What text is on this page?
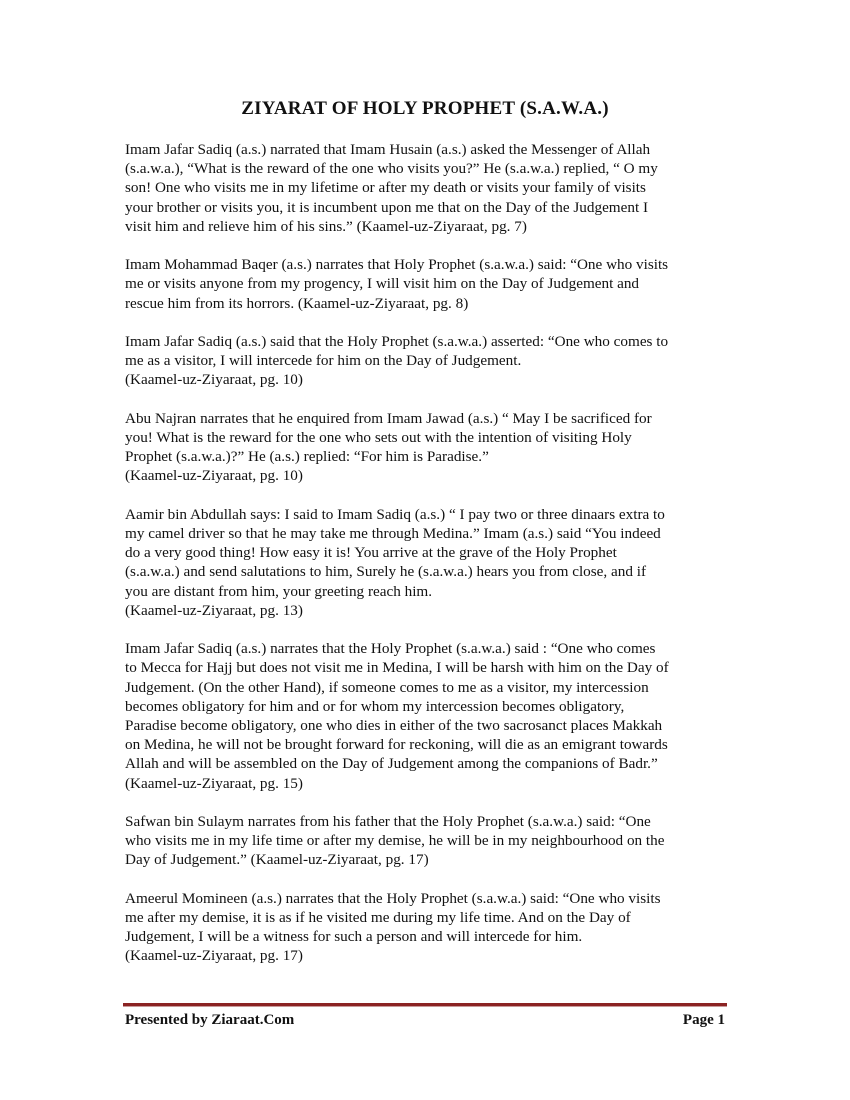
ZIYARAT OF HOLY PROPHET (S.A.W.A.)

Imam Jafar Sadiq (a.s.) narrated that Imam Husain (a.s.) asked the Messenger of Allah
(s.a.w.a.), “What is the reward of the one who visits you?” He (s.a.w.a.) replied, “ O my
son! One who visits me in my lifetime or after my death or visits your family of visits
your brother or visits you, it is incumbent upon me that on the Day of the Judgement I
visit him and relieve him of his sins.” (Kaamel-uz-Ziyaraat, pg. 7)

Imam Mohammad Baqer (a.s.) narrates that Holy Prophet (s.a.w.a.) said: “One who visits
me or visits anyone from my progency, I will visit him on the Day of Judgement and
rescue him from its horrors. (Kaamel-uz-Ziyaraat, pg. 8)

Imam Jafar Sadiq (a.s.) said that the Holy Prophet (s.a.w.a.) asserted: “One who comes to
me as a visitor, I will intercede for him on the Day of Judgement.
(Kaamel-uz-Ziyaraat, pg. 10)

Abu Najran narrates that he enquired from Imam Jawad (a.s.) “ May I be sacrificed for
you! What is the reward for the one who sets out with the intention of visiting Holy
Prophet (s.a.w.a.)?” He (a.s.) replied: “For him is Paradise.”
(Kaamel-uz-Ziyaraat, pg. 10)

Aamir bin Abdullah says: I said to Imam Sadiq (a.s.) “ I pay two or three dinaars extra to
my camel driver so that he may take me through Medina.” Imam (a.s.) said “You indeed
do a very good thing! How easy it is! You arrive at the grave of the Holy Prophet
(s.a.w.a.) and send salutations to him, Surely he (s.a.w.a.) hears you from close, and if
you are distant from him, your greeting reach him.
(Kaamel-uz-Ziyaraat, pg. 13)

Imam Jafar Sadiq (a.s.) narrates that the Holy Prophet (s.a.w.a.) said : “One who comes
to Mecca for Hajj but does not visit me in Medina, I will be harsh with him on the Day of
Judgement. (On the other Hand), if someone comes to me as a visitor, my intercession
becomes obligatory for him and or for whom my intercession becomes obligatory,
Paradise become obligatory, one who dies in either of the two sacrosanct places Makkah
on Medina, he will not be brought forward for reckoning, will die as an emigrant towards
Allah and will be assembled on the Day of Judgement among the companions of Badr.”
(Kaamel-uz-Ziyaraat, pg. 15)

Safwan bin Sulaym narrates from his father that the Holy Prophet (s.a.w.a.) said: “One
who visits me in my life time or after my demise, he will be in my neighbourhood on the
Day of Judgement.” (Kaamel-uz-Ziyaraat, pg. 17)

Ameerul Momineen (a.s.) narrates that the Holy Prophet (s.a.w.a.) said: “One who visits
me after my demise, it is as if he visited me during my life time. And on the Day of
Judgement, I will be a witness for such a person and will intercede for him.
(Kaamel-uz-Ziyaraat, pg. 17)

Presented by Ziaraat.Com	Page 1
